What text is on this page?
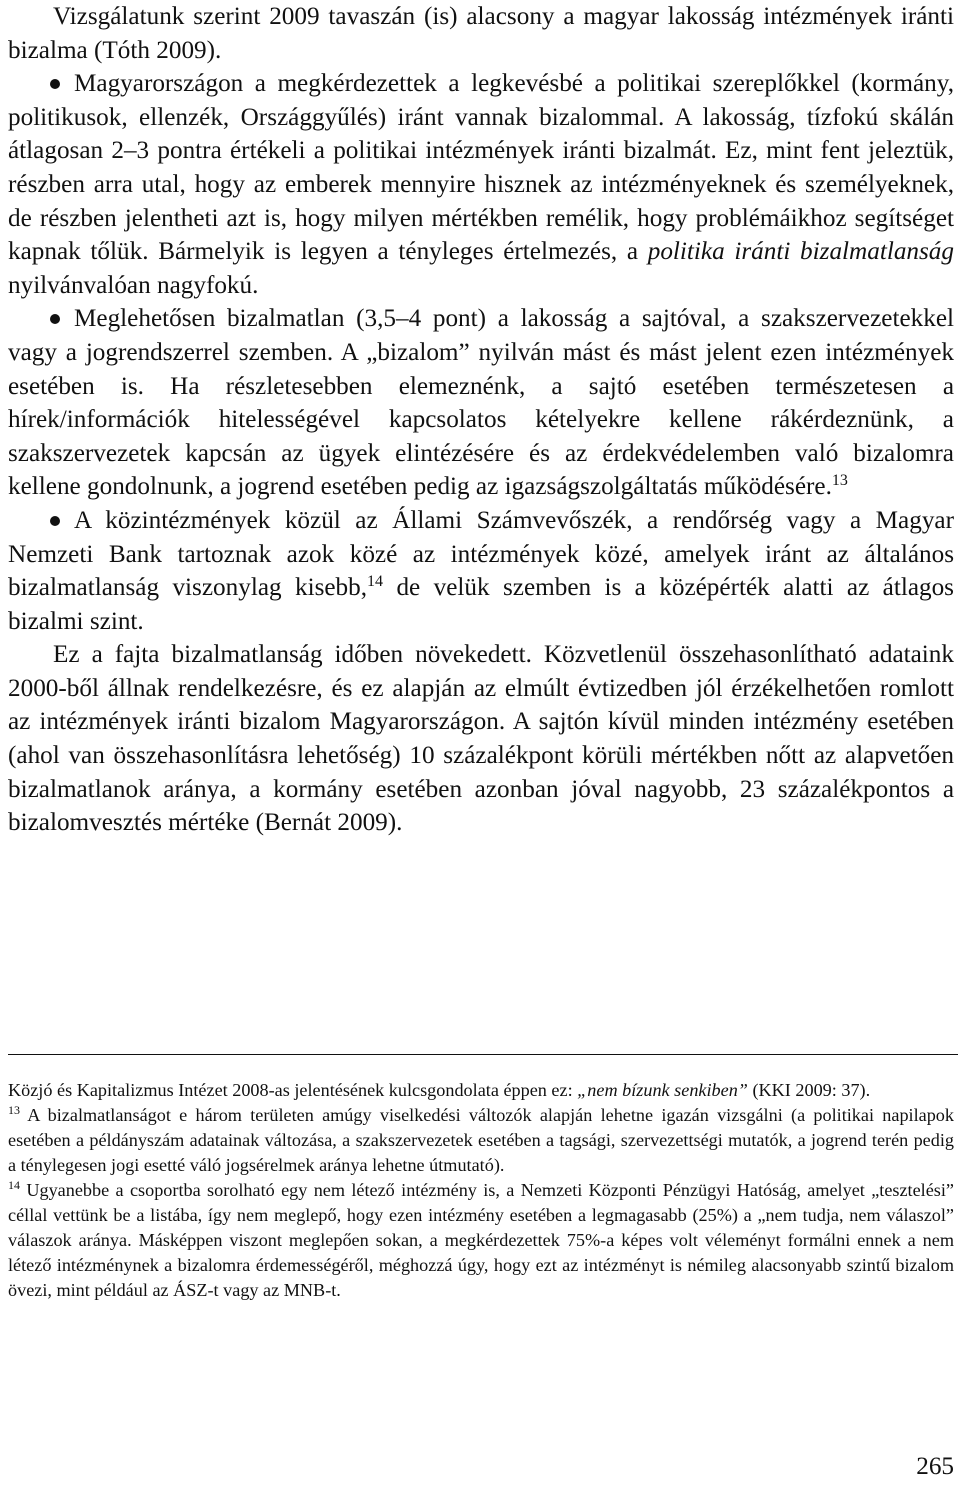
Vizsgálatunk szerint 2009 tavaszán (is) alacsony a magyar lakosság intézmények iránti bizalma (Tóth 2009).

Magyarországon a megkérdezettek a legkevésbé a politikai szereplőkkel (kormány, politikusok, ellenzék, Országgyűlés) iránt vannak bizalommal. A lakosság, tízfokú skálán átlagosan 2–3 pontra értékeli a politikai intézmények iránti bizalmát. Ez, mint fent jeleztük, részben arra utal, hogy az emberek mennyire hisznek az intézményeknek és személyeknek, de részben jelentheti azt is, hogy milyen mértékben remélik, hogy problémáikhoz segítséget kapnak tőlük. Bármelyik is legyen a tényleges értelmezés, a politika iránti bizalmatlanság nyilvánvalóan nagyfokú.

Meglehetősen bizalmatlan (3,5–4 pont) a lakosság a sajtóval, a szakszervezetekkel vagy a jogrendszerrel szemben. A „bizalom” nyilván mást és mást jelent ezen intézmények esetében is. Ha részletesebben elemeznénk, a sajtó esetében természetesen a hírek/információk hitelességével kapcsolatos kételyekre kellene rákérdeznünk, a szakszervezetek kapcsán az ügyek elintézésére és az érdekvédelemben való bizalomra kellene gondolnunk, a jogrend esetében pedig az igazságszolgáltatás működésére.$^{13}$

A közintézmények közül az Állami Számvevőszék, a rendőrség vagy a Magyar Nemzeti Bank tartoznak azok közé az intézmények közé, amelyek iránt az általános bizalmatlanság viszonylag kisebb,$^{14}$ de velük szemben is a középérték alatti az átlagos bizalmi szint.

Ez a fajta bizalmatlanság időben növekedett. Közvetlenül összehasonlítható adataink 2000-ből állnak rendelkezésre, és ez alapján az elmúlt évtizedben jól érzékelhetően romlott az intézmények iránti bizalom Magyarországon. A sajtón kívül minden intézmény esetében (ahol van összehasonlításra lehetőség) 10 százalékpont körüli mértékben nőtt az alapvetően bizalmatlanok aránya, a kormány esetében azonban jóval nagyobb, 23 százalékpontos a bizalomvesztés mértéke (Bernát 2009).

Közjó és Kapitalizmus Intézet 2008-as jelentésének kulcsgondolata éppen ez: „nem bízunk senkiben” (KKI 2009: 37).

$^{13}$ A bizalmatlanságot e három területen amúgy viselkedési változók alapján lehetne igazán vizsgálni (a politikai napilapok esetében a példányszám adatainak változása, a szakszervezetek esetében a tagsági, szervezettségi mutatók, a jogrend terén pedig a ténylegesen jogi esetté váló jogsérelmek aránya lehetne útmutató).

$^{14}$ Ugyanebbe a csoportba sorolható egy nem létező intézmény is, a Nemzeti Központi Pénzügyi Hatóság, amelyet „tesztelési” céllal vettünk be a listába, így nem meglepő, hogy ezen intézmény esetében a legmagasabb (25%) a „nem tudja, nem válaszol” válaszok aránya. Másképpen viszont meglepően sokan, a megkérdezettek 75%-a képes volt véleményt formálni ennek a nem létező intézménynek a bizalomra érdemességéről, méghozzá úgy, hogy ezt az intézményt is némileg alacsonyabb szintű bizalom övezi, mint például az ÁSZ-t vagy az MNB-t.

265
